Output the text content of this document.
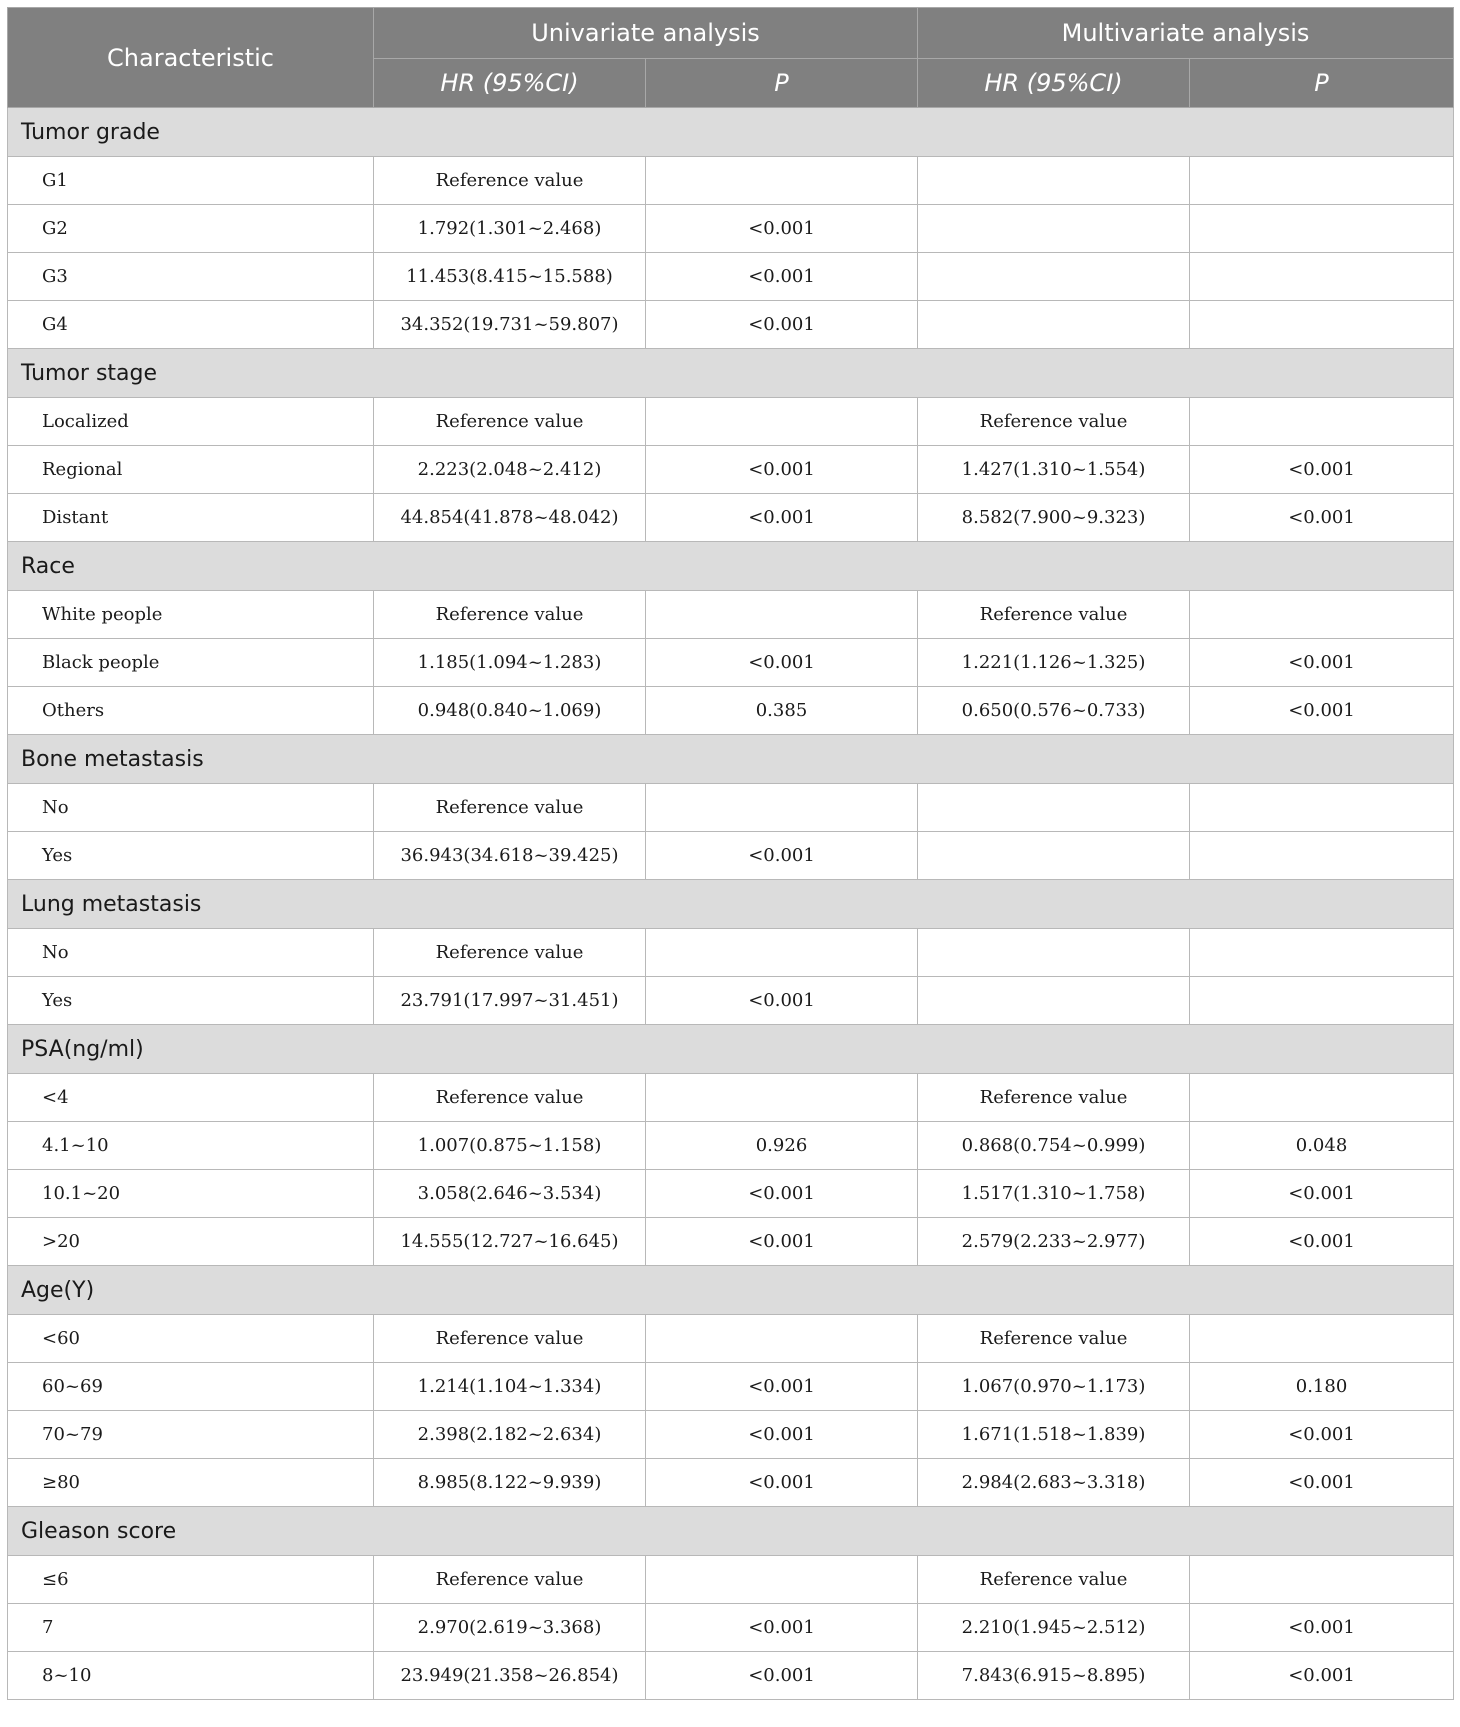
Characteristic	Univariate analysis		Multivariate analysis	
	HR (95%CI)	P	HR (95%CI)	P
Tumor grade				
G1	Reference value			
G2	1.792(1.301~2.468)	<0.001		
G3	11.453(8.415~15.588)	<0.001		
G4	34.352(19.731~59.807)	<0.001		
Tumor stage				
Localized	Reference value		Reference value	
Regional	2.223(2.048~2.412)	<0.001	1.427(1.310~1.554)	<0.001
Distant	44.854(41.878~48.042)	<0.001	8.582(7.900~9.323)	<0.001
Race				
White people	Reference value		Reference value	
Black people	1.185(1.094~1.283)	<0.001	1.221(1.126~1.325)	<0.001
Others	0.948(0.840~1.069)	0.385	0.650(0.576~0.733)	<0.001
Bone metastasis				
No	Reference value			
Yes	36.943(34.618~39.425)	<0.001		
Lung metastasis				
No	Reference value			
Yes	23.791(17.997~31.451)	<0.001		
PSA(ng/ml)				
<4	Reference value		Reference value	
4.1~10	1.007(0.875~1.158)	0.926	0.868(0.754~0.999)	0.048
10.1~20	3.058(2.646~3.534)	<0.001	1.517(1.310~1.758)	<0.001
>20	14.555(12.727~16.645)	<0.001	2.579(2.233~2.977)	<0.001
Age(Y)				
<60	Reference value		Reference value	
60~69	1.214(1.104~1.334)	<0.001	1.067(0.970~1.173)	0.180
70~79	2.398(2.182~2.634)	<0.001	1.671(1.518~1.839)	<0.001
≥80	8.985(8.122~9.939)	<0.001	2.984(2.683~3.318)	<0.001
Gleason score				
≤6	Reference value		Reference value	
7	2.970(2.619~3.368)	<0.001	2.210(1.945~2.512)	<0.001
8~10	23.949(21.358~26.854)	<0.001	7.843(6.915~8.895)	<0.001
